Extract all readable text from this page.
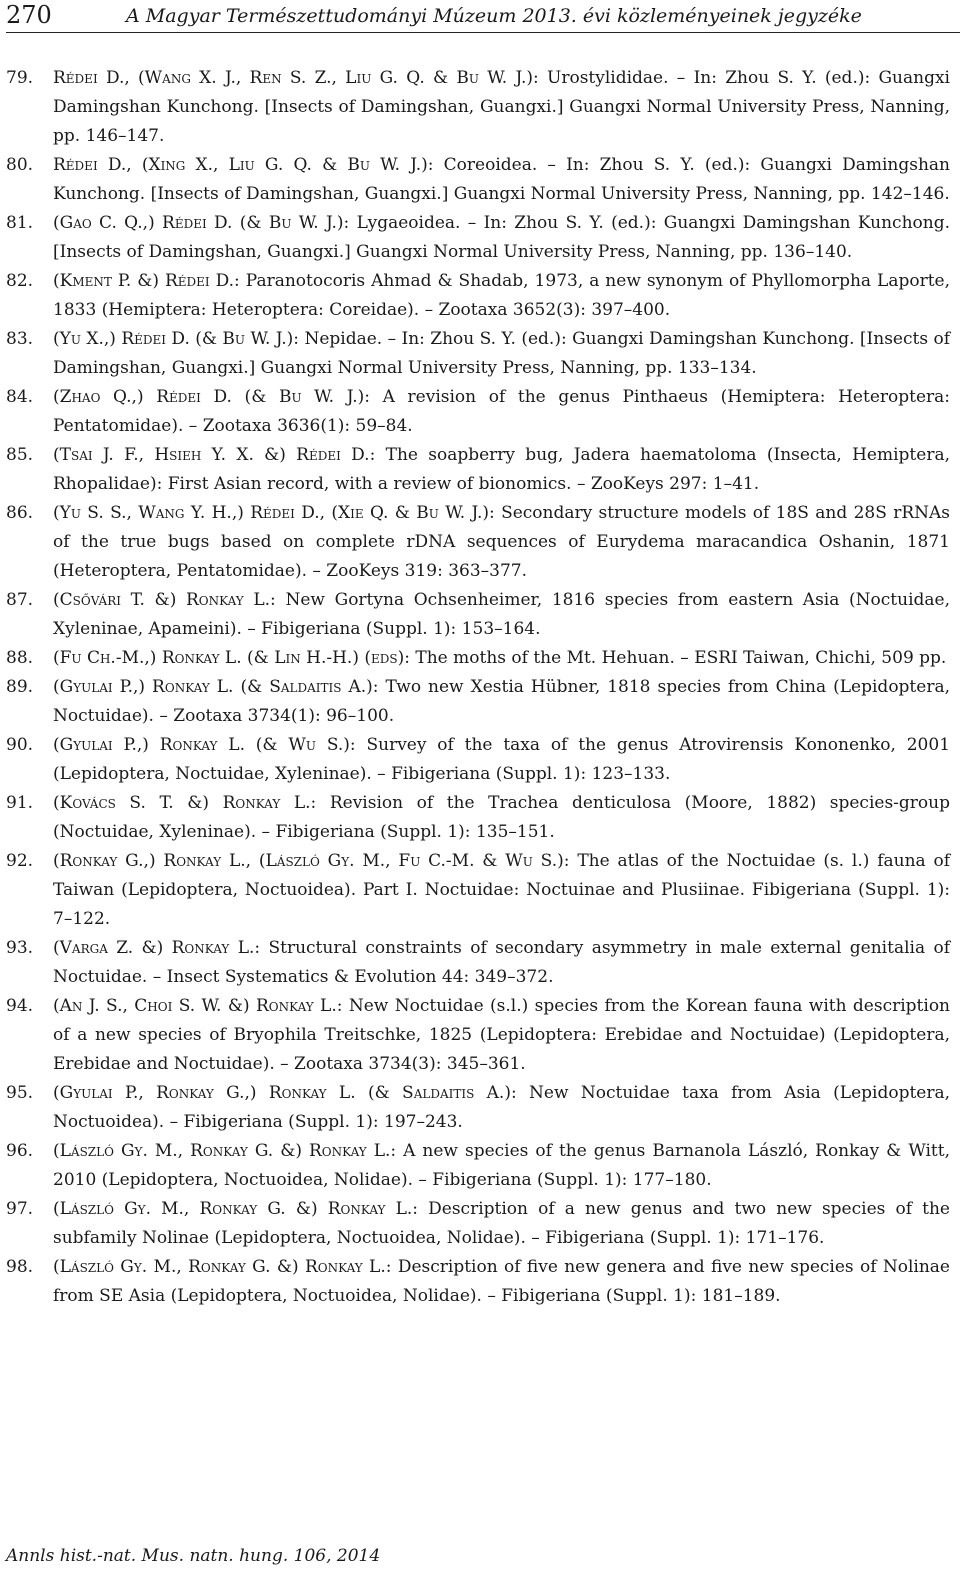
270	A Magyar Természettudományi Múzeum 2013. évi közleményeinek jegyzéke
79.	Rédei D., (Wang X. J., Ren S. Z., Liu G. Q. & Bu W. J.): Urostylididae. – In: Zhou S. Y. (ed.): Guangxi Damingshan Kunchong. [Insects of Damingshan, Guangxi.] Guangxi Normal University Press, Nanning, pp. 146–147.
80.	Rédei D., (Xing X., Liu G. Q. & Bu W. J.): Coreoidea. – In: Zhou S. Y. (ed.): Guangxi Damingshan Kunchong. [Insects of Damingshan, Guangxi.] Guangxi Normal University Press, Nanning, pp. 142–146.
81.	(Gao C. Q.,) Rédei D. (& Bu W. J.): Lygaeoidea. – In: Zhou S. Y. (ed.): Guangxi Damingshan Kunchong. [Insects of Damingshan, Guangxi.] Guangxi Normal University Press, Nanning, pp. 136–140.
82.	(Kment P. &) Rédei D.: Paranotocoris Ahmad & Shadab, 1973, a new synonym of Phyllomorpha Laporte, 1833 (Hemiptera: Heteroptera: Coreidae). – Zootaxa 3652(3): 397–400.
83.	(Yu X.,) Rédei D. (& Bu W. J.): Nepidae. – In: Zhou S. Y. (ed.): Guangxi Damingshan Kunchong. [Insects of Damingshan, Guangxi.] Guangxi Normal University Press, Nanning, pp. 133–134.
84.	(Zhao Q.,) Rédei D. (& Bu W. J.): A revision of the genus Pinthaeus (Hemiptera: Heteroptera: Pentatomidae). – Zootaxa 3636(1): 59–84.
85.	(Tsai J. F., Hsieh Y. X. &) Rédei D.: The soapberry bug, Jadera haematoloma (Insecta, Hemiptera, Rhopalidae): First Asian record, with a review of bionomics. – ZooKeys 297: 1–41.
86.	(Yu S. S., Wang Y. H.,) Rédei D., (Xie Q. & Bu W. J.): Secondary structure models of 18S and 28S rRNAs of the true bugs based on complete rDNA sequences of Eurydema maracandica Oshanin, 1871 (Heteroptera, Pentatomidae). – ZooKeys 319: 363–377.
87.	(Csővári T. &) Ronkay L.: New Gortyna Ochsenheimer, 1816 species from eastern Asia (Noctuidae, Xyleninae, Apameini). – Fibigeriana (Suppl. 1): 153–164.
88.	(Fu Ch.-M.,) Ronkay L. (& Lin H.-H.) (eds): The moths of the Mt. Hehuan. – ESRI Taiwan, Chichi, 509 pp.
89.	(Gyulai P.,) Ronkay L. (& Saldaitis A.): Two new Xestia Hübner, 1818 species from China (Lepidoptera, Noctuidae). – Zootaxa 3734(1): 96–100.
90.	(Gyulai P.,) Ronkay L. (& Wu S.): Survey of the taxa of the genus Atrovirensis Kononenko, 2001 (Lepidoptera, Noctuidae, Xyleninae). – Fibigeriana (Suppl. 1): 123–133.
91.	(Kovács S. T. &) Ronkay L.: Revision of the Trachea denticulosa (Moore, 1882) species-group (Noctuidae, Xyleninae). – Fibigeriana (Suppl. 1): 135–151.
92.	(Ronkay G.,) Ronkay L., (László Gy. M., Fu C.-M. & Wu S.): The atlas of the Noctuidae (s. l.) fauna of Taiwan (Lepidoptera, Noctuoidea). Part I. Noctuidae: Noctuinae and Plusiinae. Fibigeriana (Suppl. 1): 7–122.
93.	(Varga Z. &) Ronkay L.: Structural constraints of secondary asymmetry in male external genitalia of Noctuidae. – Insect Systematics & Evolution 44: 349–372.
94.	(An J. S., Choi S. W. &) Ronkay L.: New Noctuidae (s.l.) species from the Korean fauna with description of a new species of Bryophila Treitschke, 1825 (Lepidoptera: Erebidae and Noctuidae) (Lepidoptera, Erebidae and Noctuidae). – Zootaxa 3734(3): 345–361.
95.	(Gyulai P., Ronkay G.,) Ronkay L. (& Saldaitis A.): New Noctuidae taxa from Asia (Lepidoptera, Noctuoidea). – Fibigeriana (Suppl. 1): 197–243.
96.	(László Gy. M., Ronkay G. &) Ronkay L.: A new species of the genus Barnanola László, Ronkay & Witt, 2010 (Lepidoptera, Noctuoidea, Nolidae). – Fibigeriana (Suppl. 1): 177–180.
97.	(László Gy. M., Ronkay G. &) Ronkay L.: Description of a new genus and two new species of the subfamily Nolinae (Lepidoptera, Noctuoidea, Nolidae). – Fibigeriana (Suppl. 1): 171–176.
98.	(László Gy. M., Ronkay G. &) Ronkay L.: Description of five new genera and five new species of Nolinae from SE Asia (Lepidoptera, Noctuoidea, Nolidae). – Fibigeriana (Suppl. 1): 181–189.
Annls hist.-nat. Mus. natn. hung. 106, 2014
